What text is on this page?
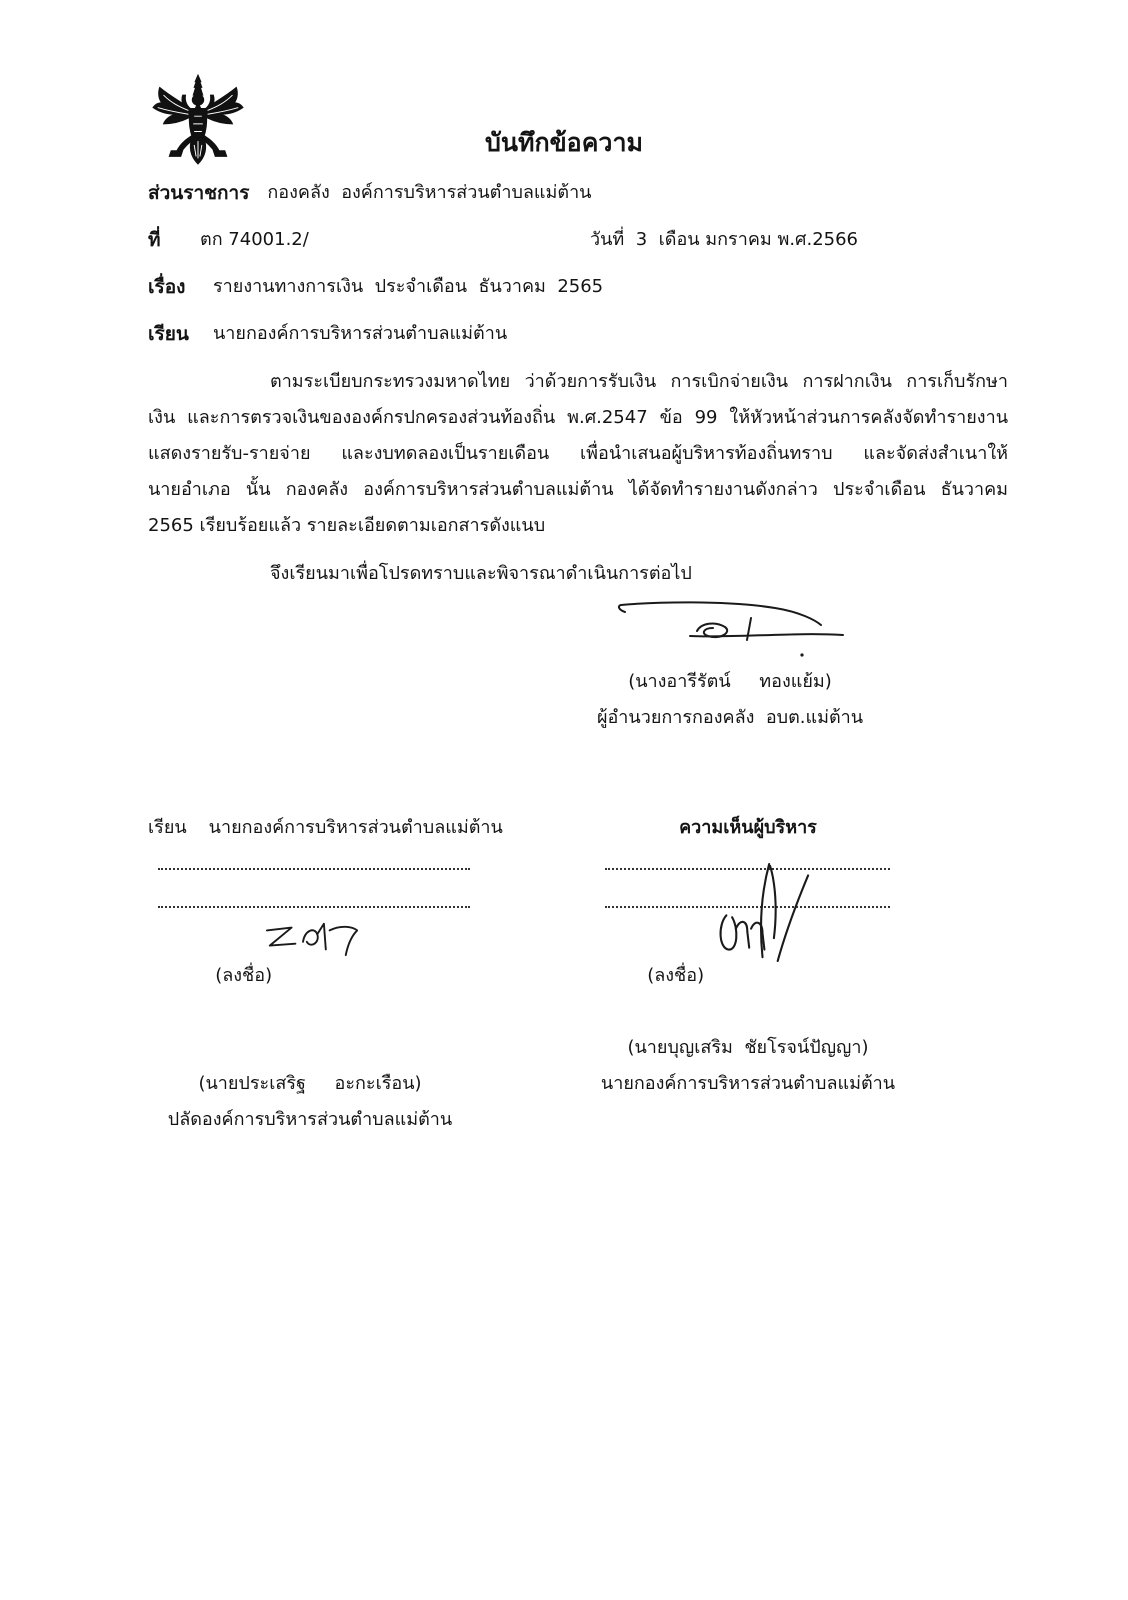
บันทึกข้อความ
ส่วนราชการ กองคลัง  องค์การบริหารส่วนตำบลแม่ต้าน
ที่	ตก 74001.2/	วันที่  3  เดือน มกราคม พ.ศ.2566
เรื่อง	รายงานทางการเงิน  ประจำเดือน  ธันวาคม  2565
เรียน	นายกองค์การบริหารส่วนตำบลแม่ต้าน
ตามระเบียบกระทรวงมหาดไทย ว่าด้วยการรับเงิน การเบิกจ่ายเงิน การฝากเงิน การเก็บรักษา
เงิน และการตรวจเงินขององค์กรปกครองส่วนท้องถิ่น พ.ศ.2547 ข้อ 99 ให้หัวหน้าส่วนการคลังจัดทำรายงาน
แสดงรายรับ-รายจ่าย และงบทดลองเป็นรายเดือน เพื่อนำเสนอผู้บริหารท้องถิ่นทราบ และจัดส่งสำเนาให้
นายอำเภอ นั้น กองคลัง องค์การบริหารส่วนตำบลแม่ต้าน ได้จัดทำรายงานดังกล่าว ประจำเดือน ธันวาคม
2565 เรียบร้อยแล้ว รายละเอียดตามเอกสารดังแนบ
จึงเรียนมาเพื่อโปรดทราบและพิจารณาดำเนินการต่อไป
(นางอารีรัตน์     ทองแย้ม)
ผู้อำนวยการกองคลัง  อบต.แม่ต้าน
เรียน นายกองค์การบริหารส่วนตำบลแม่ต้าน

(ลงชื่อ)

(นายประเสริฐ     อะกะเรือน)
ปลัดองค์การบริหารส่วนตำบลแม่ต้าน
ความเห็นผู้บริหาร

(ลงชื่อ)

(นายบุญเสริม  ชัยโรจน์ปัญญา)
นายกองค์การบริหารส่วนตำบลแม่ต้าน
